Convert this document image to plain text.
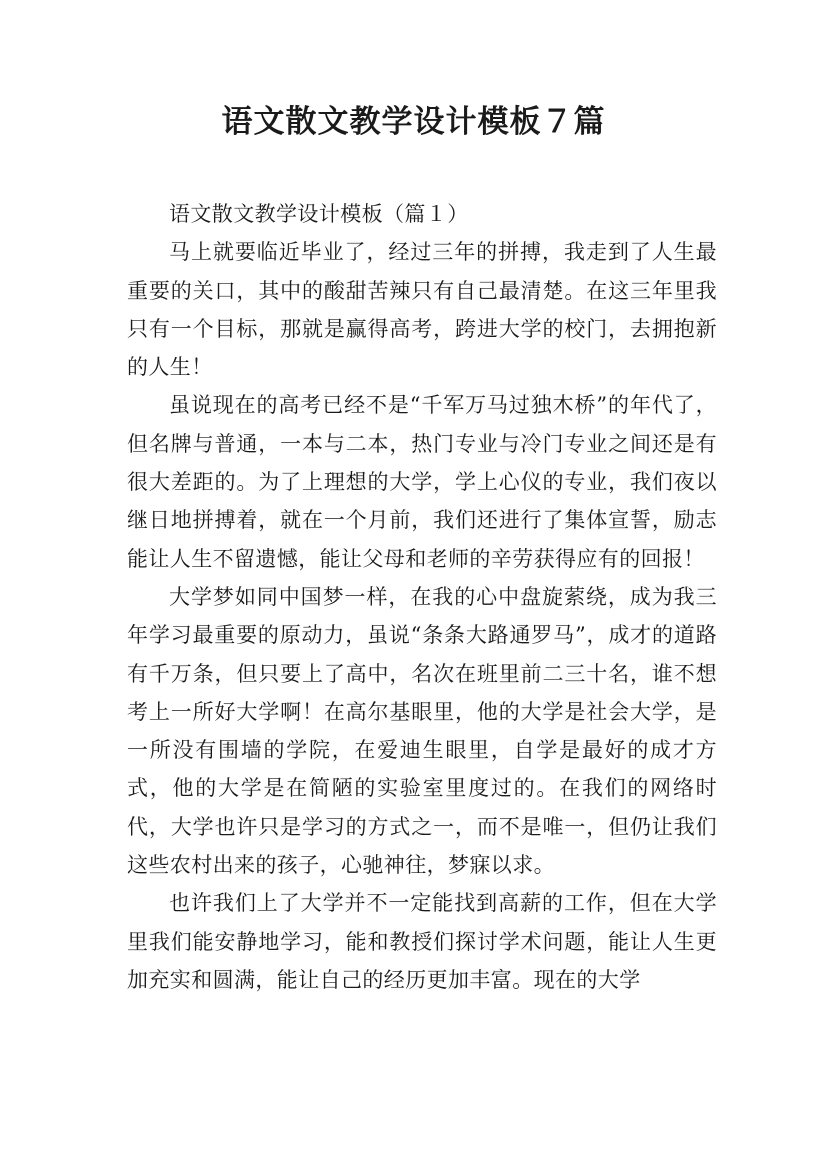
语文散文教学设计模板７篇

语文散文教学设计模板（篇１）

马上就要临近毕业了，经过三年的拼搏，我走到了人生最重要的关口，其中的酸甜苦辣只有自己最清楚。在这三年里我只有一个目标，那就是赢得高考，跨进大学的校门，去拥抱新的人生！

虽说现在的高考已经不是“千军万马过独木桥”的年代了，但名牌与普通，一本与二本，热门专业与冷门专业之间还是有很大差距的。为了上理想的大学，学上心仪的专业，我们夜以继日地拼搏着，就在一个月前，我们还进行了集体宣誓，励志能让人生不留遗憾，能让父母和老师的辛劳获得应有的回报！

大学梦如同中国梦一样，在我的心中盘旋萦绕，成为我三年学习最重要的原动力，虽说“条条大路通罗马”，成才的道路有千万条，但只要上了高中，名次在班里前二三十名，谁不想考上一所好大学啊！在高尔基眼里，他的大学是社会大学，是一所没有围墙的学院，在爱迪生眼里，自学是最好的成才方式，他的大学是在简陋的实验室里度过的。在我们的网络时代，大学也许只是学习的方式之一，而不是唯一，但仍让我们这些农村出来的孩子，心驰神往，梦寐以求。

也许我们上了大学并不一定能找到高薪的工作，但在大学里我们能安静地学习，能和教授们探讨学术问题，能让人生更加充实和圆满，能让自己的经历更加丰富。现在的大学
